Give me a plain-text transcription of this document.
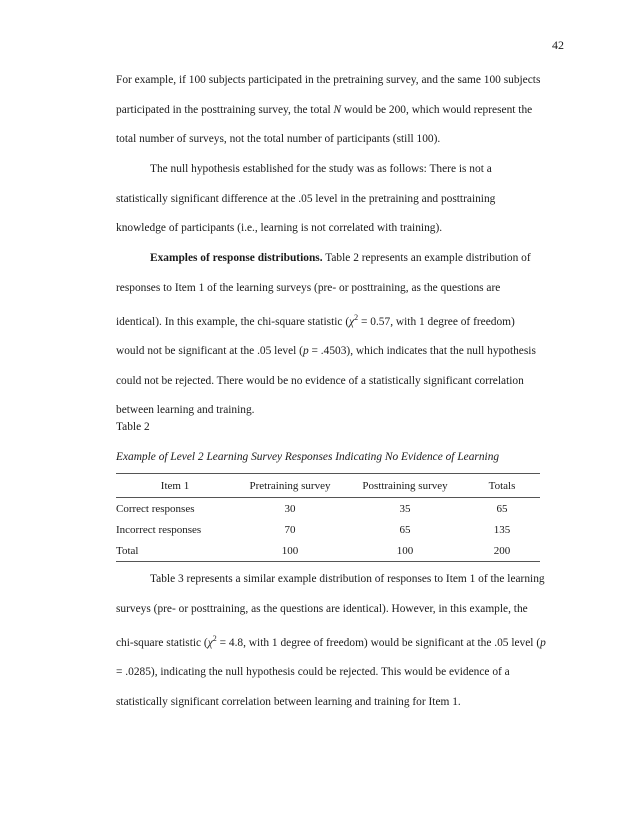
42
For example, if 100 subjects participated in the pretraining survey, and the same 100 subjects participated in the posttraining survey, the total N would be 200, which would represent the total number of surveys, not the total number of participants (still 100).
The null hypothesis established for the study was as follows: There is not a statistically significant difference at the .05 level in the pretraining and posttraining knowledge of participants (i.e., learning is not correlated with training).
Examples of response distributions. Table 2 represents an example distribution of responses to Item 1 of the learning surveys (pre- or posttraining, as the questions are identical). In this example, the chi-square statistic ($\chi^2 = 0.57$, with 1 degree of freedom) would not be significant at the .05 level (p = .4503), which indicates that the null hypothesis could not be rejected. There would be no evidence of a statistically significant correlation between learning and training.
Table 2
Example of Level 2 Learning Survey Responses Indicating No Evidence of Learning
Item 1	Pretraining survey	Posttraining survey	Totals
Correct responses	30	35	65
Incorrect responses	70	65	135
Total	100	100	200
Table 3 represents a similar example distribution of responses to Item 1 of the learning surveys (pre- or posttraining, as the questions are identical). However, in this example, the chi-square statistic ($\chi^2 = 4.8$, with 1 degree of freedom) would be significant at the .05 level (p = .0285), indicating the null hypothesis could be rejected. This would be evidence of a statistically significant correlation between learning and training for Item 1.
